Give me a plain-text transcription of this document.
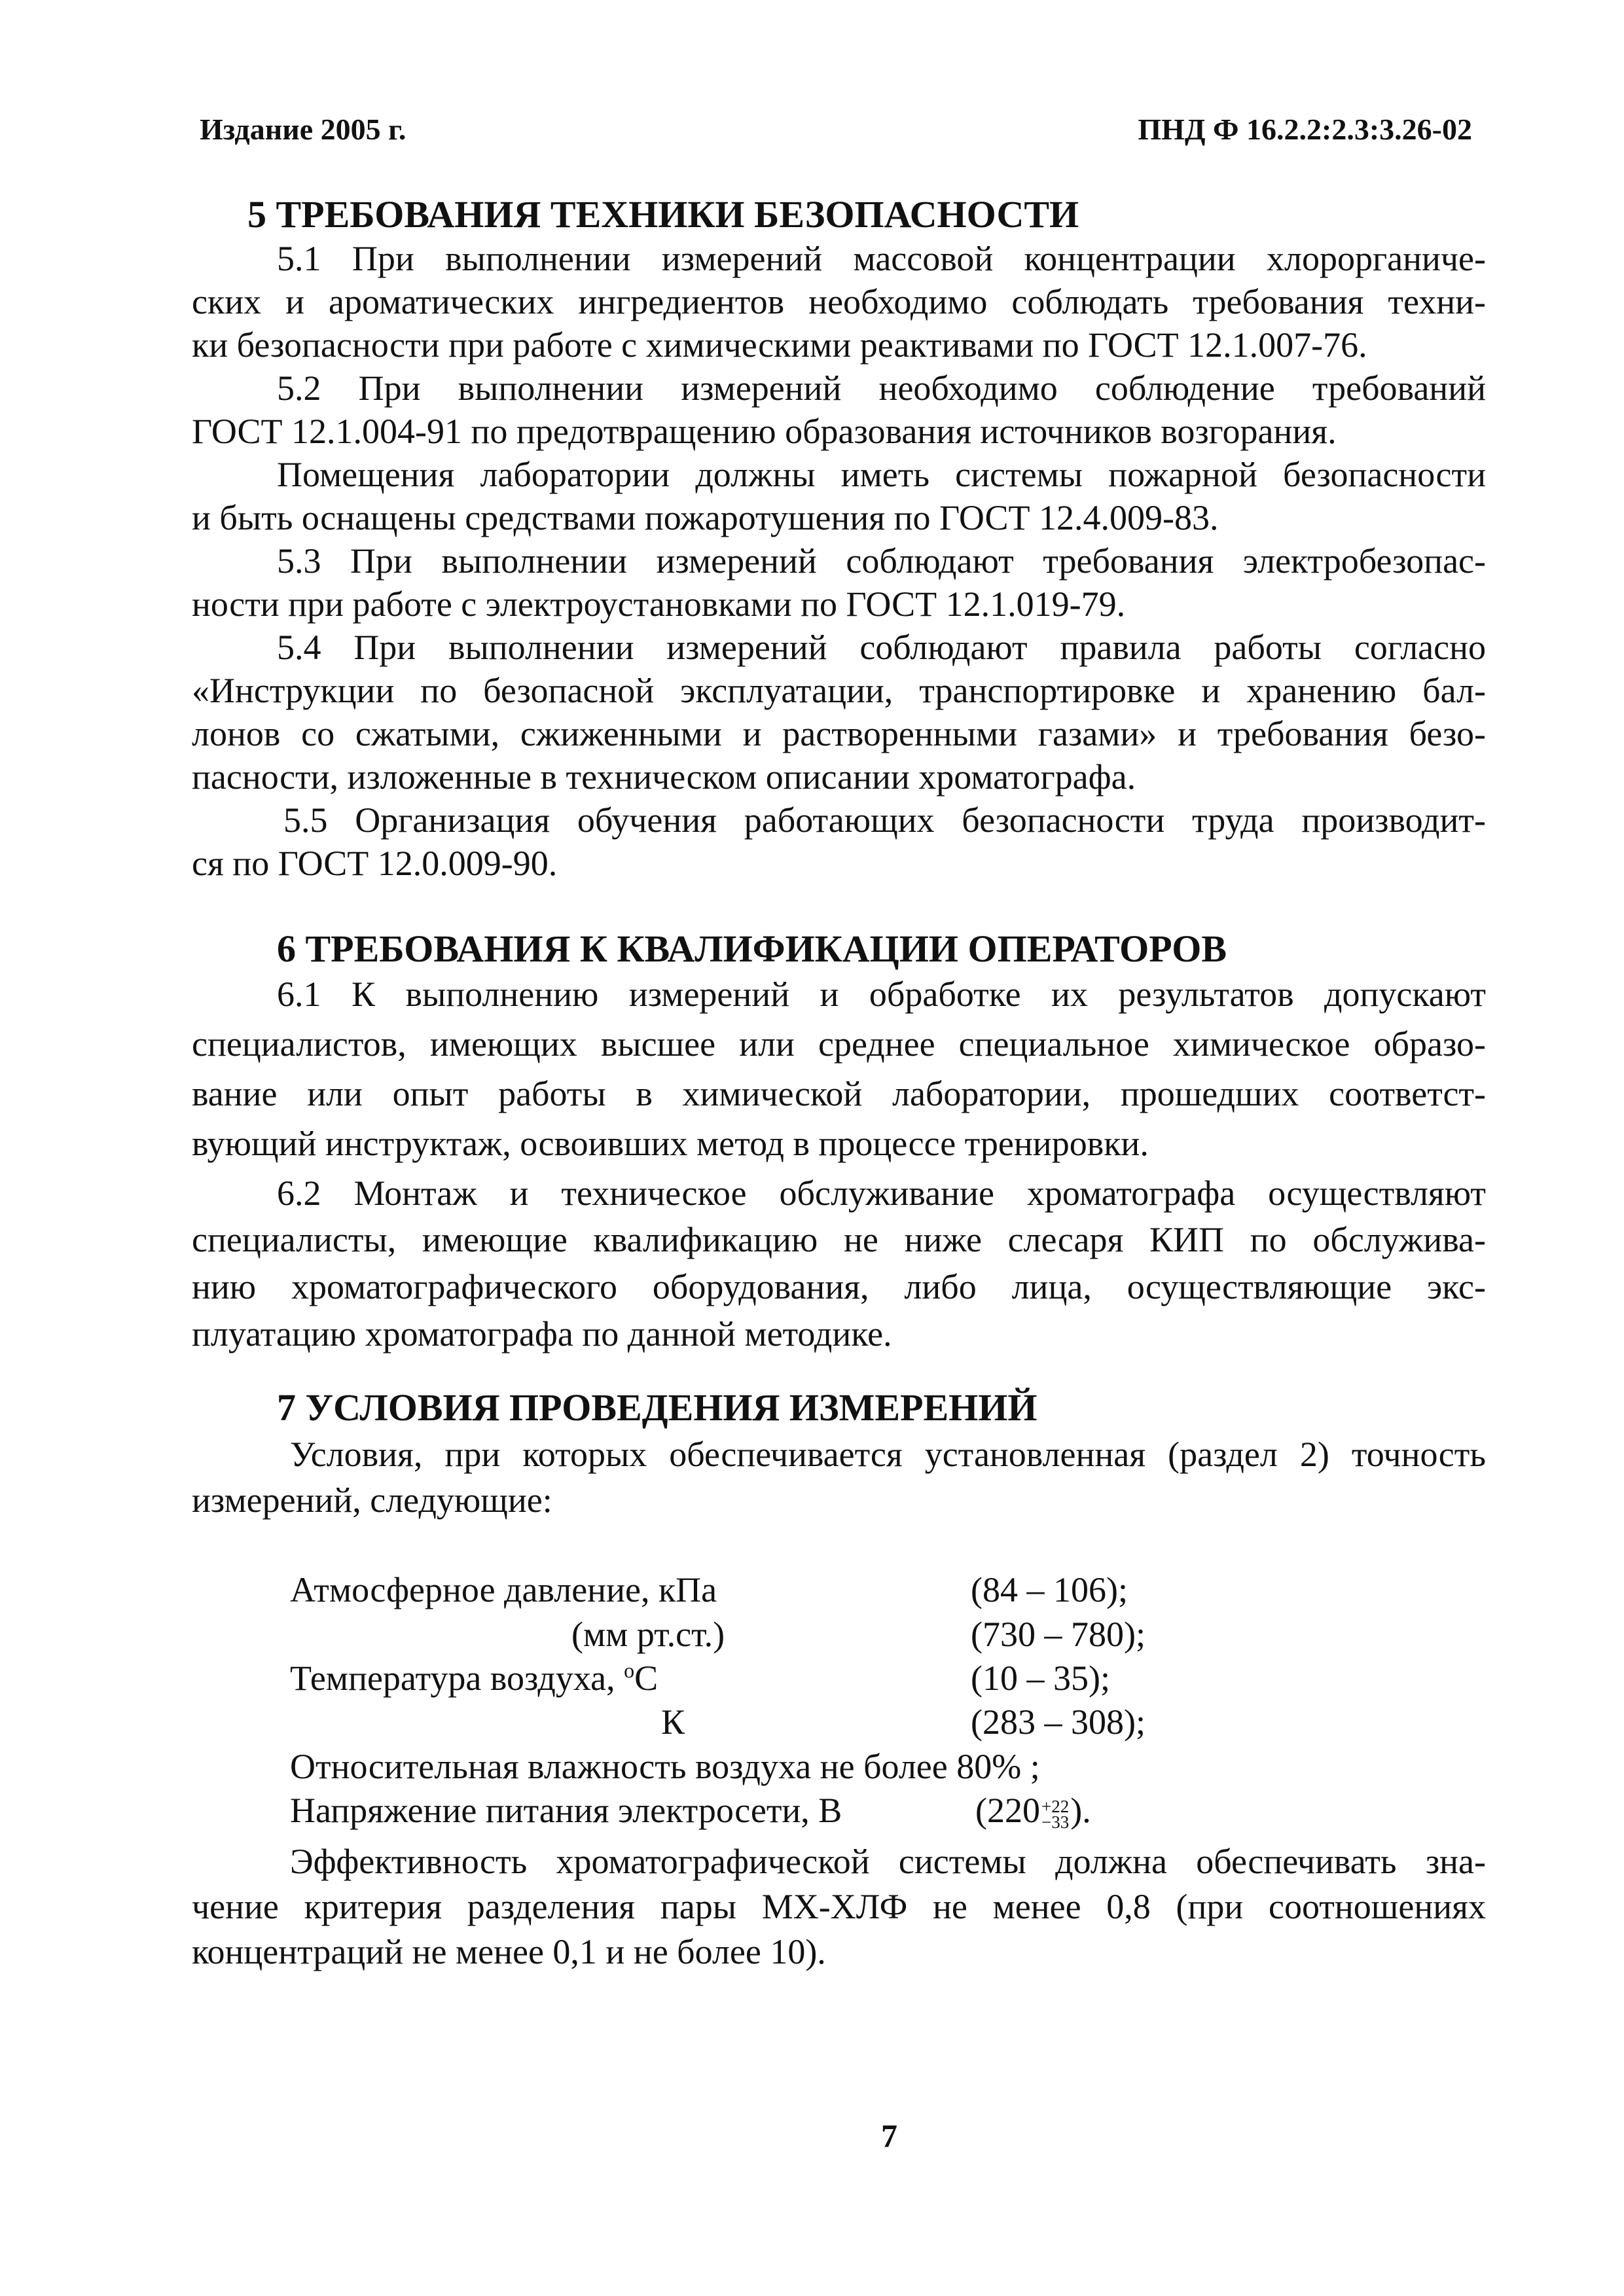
Издание 2005 г.	ПНД Ф 16.2.2:2.3:3.26-02
5 ТРЕБОВАНИЯ ТЕХНИКИ БЕЗОПАСНОСТИ
5.1 При выполнении измерений массовой концентрации хлорорганиче-
ских и ароматических ингредиентов необходимо соблюдать требования техни-
ки безопасности при работе с химическими реактивами по ГОСТ 12.1.007-76.
5.2 При выполнении измерений необходимо соблюдение требований
ГОСТ 12.1.004-91 по предотвращению образования источников возгорания.
Помещения лаборатории должны иметь системы пожарной безопасности
и быть оснащены средствами пожаротушения по ГОСТ 12.4.009-83.
5.3 При выполнении измерений соблюдают требования электробезопас-
ности при работе с электроустановками по ГОСТ 12.1.019-79.
5.4 При выполнении измерений соблюдают правила работы согласно
«Инструкции по безопасной эксплуатации, транспортировке и хранению бал-
лонов со сжатыми, сжиженными и растворенными газами» и требования безо-
пасности, изложенные в техническом описании хроматографа.
5.5 Организация обучения работающих безопасности труда производит-
ся по ГОСТ 12.0.009-90.
6 ТРЕБОВАНИЯ К КВАЛИФИКАЦИИ ОПЕРАТОРОВ
6.1 К выполнению измерений и обработке их результатов допускают
специалистов, имеющих высшее или среднее специальное химическое образо-
вание или опыт работы в химической лаборатории, прошедших соответст-
вующий инструктаж, освоивших метод в процессе тренировки.
6.2 Монтаж и техническое обслуживание хроматографа осуществляют
специалисты, имеющие квалификацию не ниже слесаря КИП по обслужива-
нию хроматографического оборудования, либо лица, осуществляющие экс-
плуатацию хроматографа по данной методике.
7 УСЛОВИЯ ПРОВЕДЕНИЯ ИЗМЕРЕНИЙ
Условия, при которых обеспечивается установленная (раздел 2) точность
измерений, следующие:
Атмосферное давление, кПа	(84 – 106);
(мм рт.ст.)	(730 – 780);
Температура воздуха, $^о$С	(10 – 35);
К	(283 – 308);
Относительная влажность воздуха не более 80% ;
Напряжение питания электросети, В	(220 +22
−33 ).
Эффективность хроматографической системы должна обеспечивать зна-
чение критерия разделения пары МХ-ХЛФ не менее 0,8 (при соотношениях
концентраций не менее 0,1 и не более 10).
7
